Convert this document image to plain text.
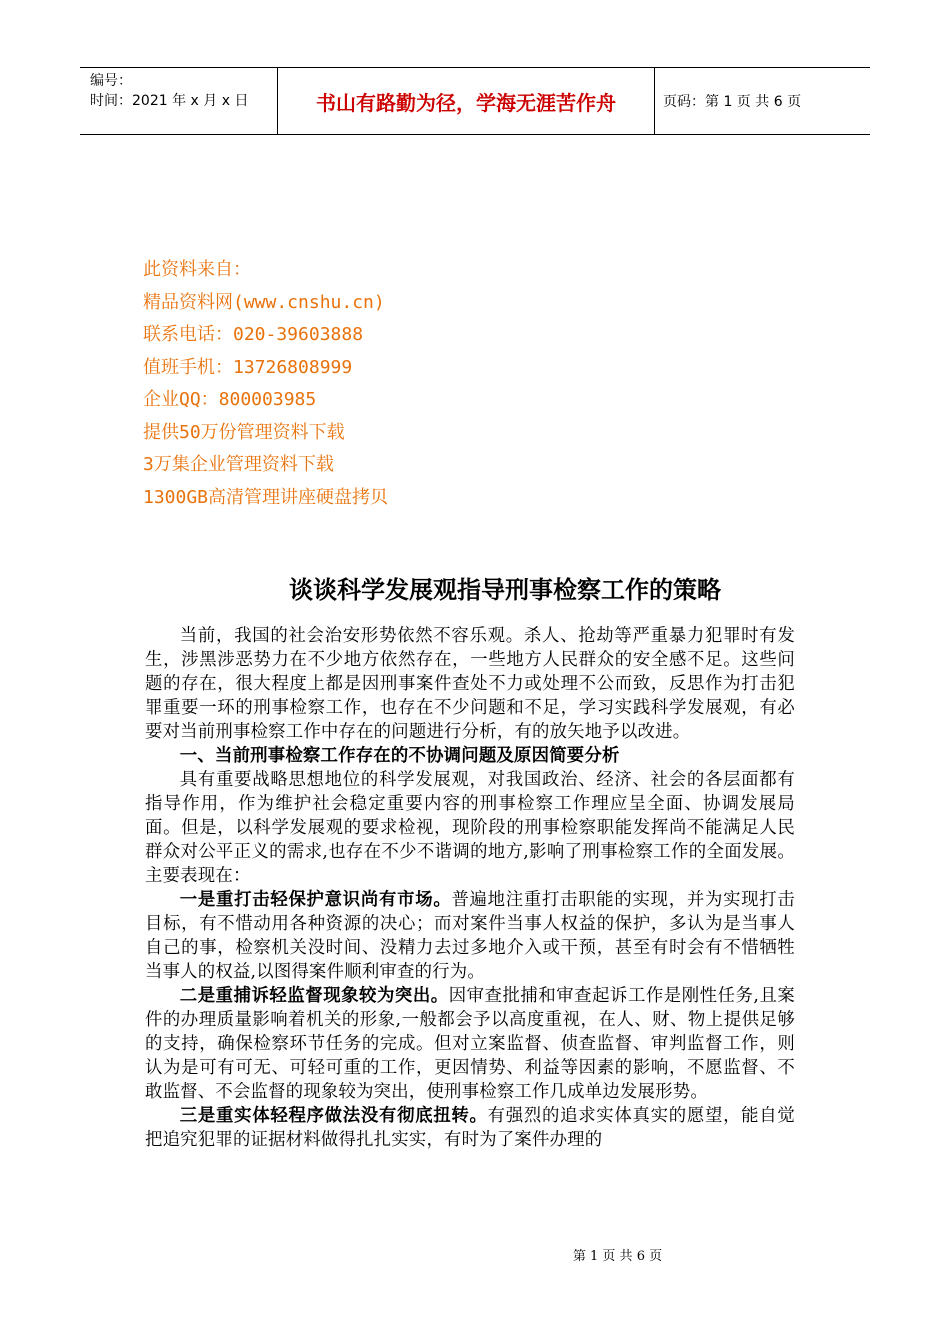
编号：
时间：2021 年 x 月 x 日	书山有路勤为径，学海无涯苦作舟	页码：第 1 页 共 6 页
此资料来自：
精品资料网(www.cnshu.cn)
联系电话：020-39603888
值班手机：13726808999
企业QQ：800003985
提供50万份管理资料下载
3万集企业管理资料下载
1300GB高清管理讲座硬盘拷贝
谈谈科学发展观指导刑事检察工作的策略

当前，我国的社会治安形势依然不容乐观。杀人、抢劫等严重暴力犯罪时有发生，涉黑涉恶势力在不少地方依然存在，一些地方人民群众的安全感不足。这些问题的存在，很大程度上都是因刑事案件查处不力或处理不公而致，反思作为打击犯罪重要一环的刑事检察工作，也存在不少问题和不足，学习实践科学发展观，有必要对当前刑事检察工作中存在的问题进行分析，有的放矢地予以改进。

一、当前刑事检察工作存在的不协调问题及原因简要分析

具有重要战略思想地位的科学发展观，对我国政治、经济、社会的各层面都有指导作用，作为维护社会稳定重要内容的刑事检察工作理应呈全面、协调发展局面。但是，以科学发展观的要求检视，现阶段的刑事检察职能发挥尚不能满足人民群众对公平正义的需求,也存在不少不谐调的地方,影响了刑事检察工作的全面发展。主要表现在：

一是重打击轻保护意识尚有市场。普遍地注重打击职能的实现，并为实现打击目标，有不惜动用各种资源的决心；而对案件当事人权益的保护，多认为是当事人自己的事，检察机关没时间、没精力去过多地介入或干预，甚至有时会有不惜牺牲当事人的权益,以图得案件顺利审查的行为。

二是重捕诉轻监督现象较为突出。因审查批捕和审查起诉工作是刚性任务,且案件的办理质量影响着机关的形象,一般都会予以高度重视，在人、财、物上提供足够的支持，确保检察环节任务的完成。但对立案监督、侦查监督、审判监督工作，则认为是可有可无、可轻可重的工作，更因情势、利益等因素的影响，不愿监督、不敢监督、不会监督的现象较为突出，使刑事检察工作几成单边发展形势。

三是重实体轻程序做法没有彻底扭转。有强烈的追求实体真实的愿望，能自觉把追究犯罪的证据材料做得扎扎实实，有时为了案件办理的

第 1 页 共 6 页
